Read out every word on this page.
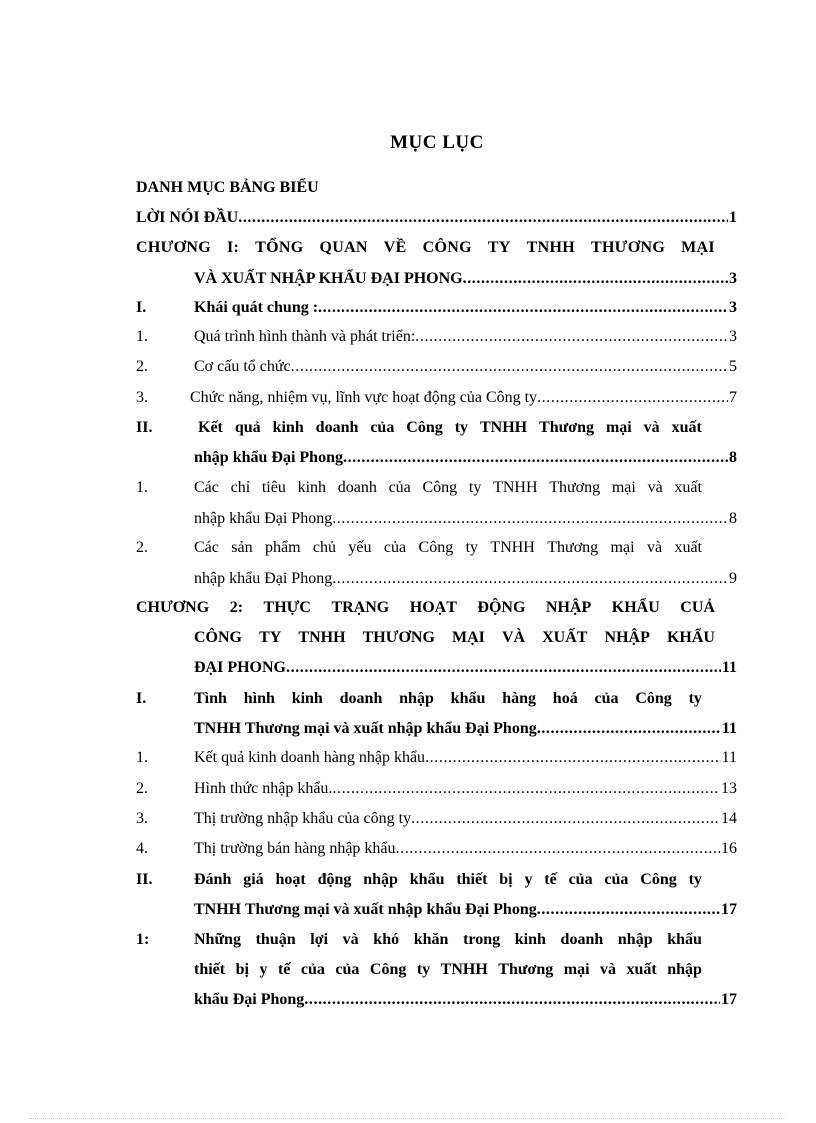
MỤC LỤC
DANH MỤC BẢNG BIỂU
LỜI NÓI ĐẦU .....	1
CHƯƠNG I: TỔNG QUAN VỀ CÔNG TY TNHH THƯƠNG MẠI
VÀ XUẤT NHẬP KHẨU ĐẠI PHONG .....	3
I.	Khái quát chung : .....	3
1.	Quá trình hình thành và phát triển: .....	3
2.	Cơ cấu tổ chức .....	5
3.	Chức năng, nhiệm vụ, lĩnh vực hoạt động của Công ty .....	7
II.	Kết quả kinh doanh của Công ty TNHH Thương mại và xuất
nhập khẩu Đại Phong .....	8
1.	Các chỉ tiêu kinh doanh của Công ty TNHH Thương mại và xuất
nhập khẩu Đại Phong .....	8
2.	Các sản phẩm chủ yếu của Công ty TNHH Thương mại và xuất
nhập khẩu Đại Phong .....	9
CHƯƠNG 2: THỰC TRẠNG HOẠT ĐỘNG NHẬP KHẨU CUẢ
CÔNG TY TNHH THƯƠNG MẠI VÀ XUẤT NHẬP KHẨU
ĐẠI PHONG .....	11
I.	Tình hình kinh doanh nhập khẩu hàng hoá của Công ty
TNHH Thương mại và xuất nhập khẩu Đại Phong .....	11
1.	Kết quả kinh doanh hàng nhập khẩu .....	11
2.	Hình thức nhập khẩu. .....	13
3.	Thị trường nhập khẩu của công ty .....	14
4.	Thị trường bán hàng nhập khẩu .....	16
II.	Đánh giá hoạt động nhập khẩu thiết bị y tế của của Công ty
TNHH Thương mại và xuất nhập khẩu Đại Phong .....	17
1:	Những thuận lợi và khó khăn trong kinh doanh nhập khẩu
thiết bị y tế của của Công ty TNHH Thương mại và xuất nhập
khẩu Đại Phong .....	17
